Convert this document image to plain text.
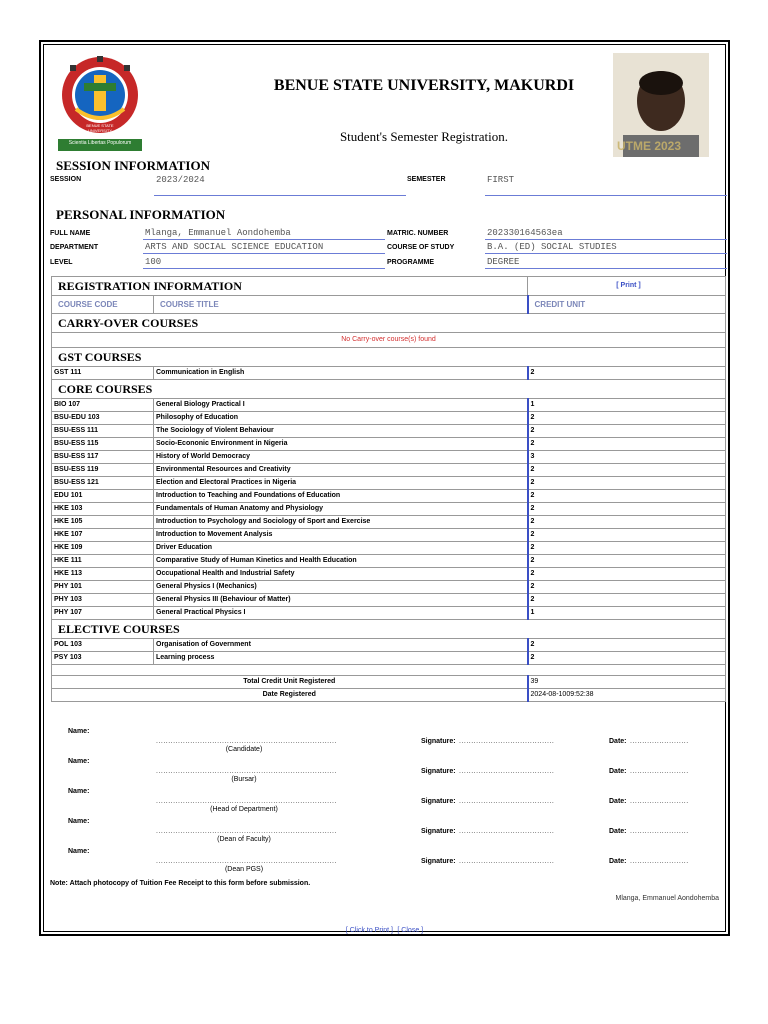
Scientia Libertas Populorum
BENUE STATE UNIVERSITY
BENUE STATE UNIVERSITY, MAKURDI
Student's Semester Registration.
UTME 2023
SESSION INFORMATION
SESSION	2023/2024	SEMESTER	FIRST
PERSONAL INFORMATION
FULL NAME	Mlanga, Emmanuel Aondohemba	MATRIC. NUMBER	202330164563ea
DEPARTMENT	ARTS AND SOCIAL SCIENCE EDUCATION	COURSE OF STUDY	B.A. (ED) SOCIAL STUDIES
LEVEL	100	PROGRAMME	DEGREE
REGISTRATION INFORMATION		[ Print ]
COURSE CODE	COURSE TITLE	CREDIT UNIT
CARRY-OVER COURSES		
No Carry-over course(s) found		
GST COURSES		
GST 111	Communication in English	2
CORE COURSES		
BIO 107	General Biology Practical I	1
BSU-EDU 103	Philosophy of Education	2
BSU-ESS 111	The Sociology of Violent Behaviour	2
BSU-ESS 115	Socio-Econonic Environment in Nigeria	2
BSU-ESS 117	History of World Democracy	3
BSU-ESS 119	Environmental Resources and Creativity	2
BSU-ESS 121	Election and Electoral Practices in Nigeria	2
EDU 101	Introduction to Teaching and Foundations of Education	2
HKE 103	Fundamentals of Human Anatomy and Physiology	2
HKE 105	Introduction to Psychology and Sociology of Sport and Exercise	2
HKE 107	Introduction to Movement Analysis	2
HKE 109	Driver Education	2
HKE 111	Comparative Study of Human Kinetics and Health Education	2
HKE 113	Occupational Health and Industrial Safety	2
PHY 101	General Physics I (Mechanics)	2
PHY 103	General Physics III (Behaviour of Matter)	2
PHY 107	General Practical Physics I	1
ELECTIVE COURSES		
POL 103	Organisation of Government	2
PSY 103	Learning process	2

Total Credit Unit Registered		39
Date Registered		2024-08-1009:52:38
Name:
..........................................................................
(Candidate)
Signature: .......................................	Date: ........................
Name:
..........................................................................
(Bursar)
Signature: .......................................	Date: ........................
Name:
..........................................................................
(Head of Department)
Signature: .......................................	Date: ........................
Name:
..........................................................................
(Dean of Faculty)
Signature: .......................................	Date: ........................
Name:
..........................................................................
(Dean PGS)
Signature: .......................................	Date: ........................
Note: Attach photocopy of Tuition Fee Receipt to this form before submission.
Mlanga, Emmanuel Aondohemba
[ Click to Print ] [ Close ]
